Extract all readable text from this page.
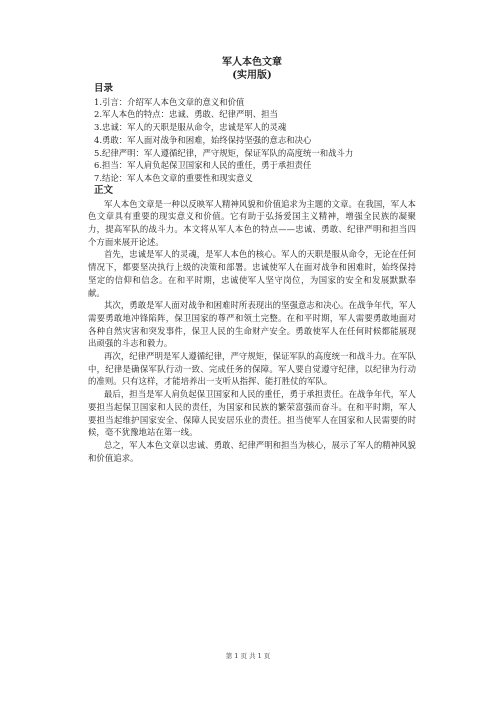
军人本色文章

(实用版)

目录

1.引言：介绍军人本色文章的意义和价值
2.军人本色的特点：忠诚、勇敢、纪律严明、担当
3.忠诚：军人的天职是服从命令，忠诚是军人的灵魂
4.勇敢：军人面对战争和困难，始终保持坚强的意志和决心
5.纪律严明：军人遵循纪律，严守规矩，保证军队的高度统一和战斗力
6.担当：军人肩负起保卫国家和人民的重任，勇于承担责任
7.结论：军人本色文章的重要性和现实意义

正文

军人本色文章是一种以反映军人精神风貌和价值追求为主题的文章。在我国，军人本色文章具有重要的现实意义和价值。它有助于弘扬爱国主义精神，增强全民族的凝聚力，提高军队的战斗力。本文将从军人本色的特点——忠诚、勇敢、纪律严明和担当四个方面来展开论述。

首先，忠诚是军人的灵魂，是军人本色的核心。军人的天职是服从命令，无论在任何情况下，都要坚决执行上级的决策和部署。忠诚使军人在面对战争和困难时，始终保持坚定的信仰和信念。在和平时期，忠诚使军人坚守岗位，为国家的安全和发展默默奉献。

其次，勇敢是军人面对战争和困难时所表现出的坚强意志和决心。在战争年代，军人需要勇敢地冲锋陷阵，保卫国家的尊严和领土完整。在和平时期，军人需要勇敢地面对各种自然灾害和突发事件，保卫人民的生命财产安全。勇敢使军人在任何时候都能展现出顽强的斗志和毅力。

再次，纪律严明是军人遵循纪律，严守规矩，保证军队的高度统一和战斗力。在军队中，纪律是确保军队行动一致、完成任务的保障。军人要自觉遵守纪律，以纪律为行动的准则。只有这样，才能培养出一支听从指挥、能打胜仗的军队。

最后，担当是军人肩负起保卫国家和人民的重任，勇于承担责任。在战争年代，军人要担当起保卫国家和人民的责任，为国家和民族的繁荣富强而奋斗。在和平时期，军人要担当起维护国家安全、保障人民安居乐业的责任。担当使军人在国家和人民需要的时候，毫不犹豫地站在第一线。

总之，军人本色文章以忠诚、勇敢、纪律严明和担当为核心，展示了军人的精神风貌和价值追求。

第 1 页 共 1 页
